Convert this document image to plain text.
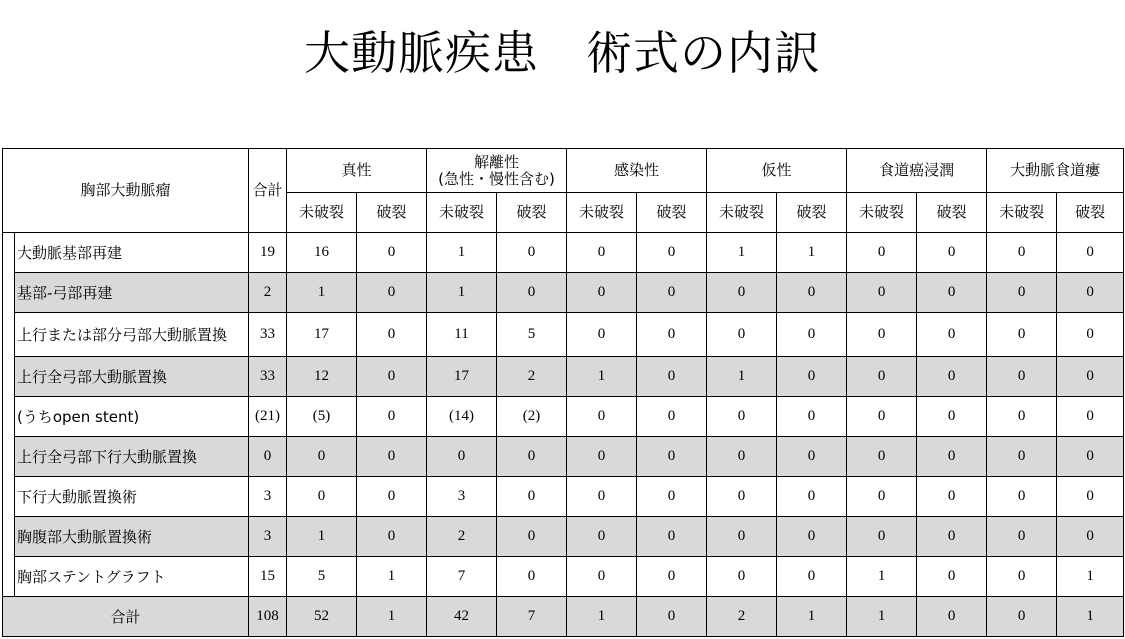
大動脈疾患　術式の内訳
胸部大動脈瘤		合計	真性		解離性
(急性・慢性含む)		感染性		仮性		食道癌浸潤		大動脈食道瘻	
			未破裂	破裂	未破裂	破裂	未破裂	破裂	未破裂	破裂	未破裂	破裂	未破裂	破裂
	大動脈基部再建	19	16	0	1	0	0	0	1	1	0	0	0	0
	基部-弓部再建	2	1	0	1	0	0	0	0	0	0	0	0	0
	上行または部分弓部大動脈置換	33	17	0	11	5	0	0	0	0	0	0	0	0
	上行全弓部大動脈置換	33	12	0	17	2	1	0	1	0	0	0	0	0
	(うちopen stent)	(21)	(5)	0	(14)	(2)	0	0	0	0	0	0	0	0
	上行全弓部下行大動脈置換	0	0	0	0	0	0	0	0	0	0	0	0	0
	下行大動脈置換術	3	0	0	3	0	0	0	0	0	0	0	0	0
	胸腹部大動脈置換術	3	1	0	2	0	0	0	0	0	0	0	0	0
	胸部ステントグラフト	15	5	1	7	0	0	0	0	0	1	0	0	1
合計		108	52	1	42	7	1	0	2	1	1	0	0	1
